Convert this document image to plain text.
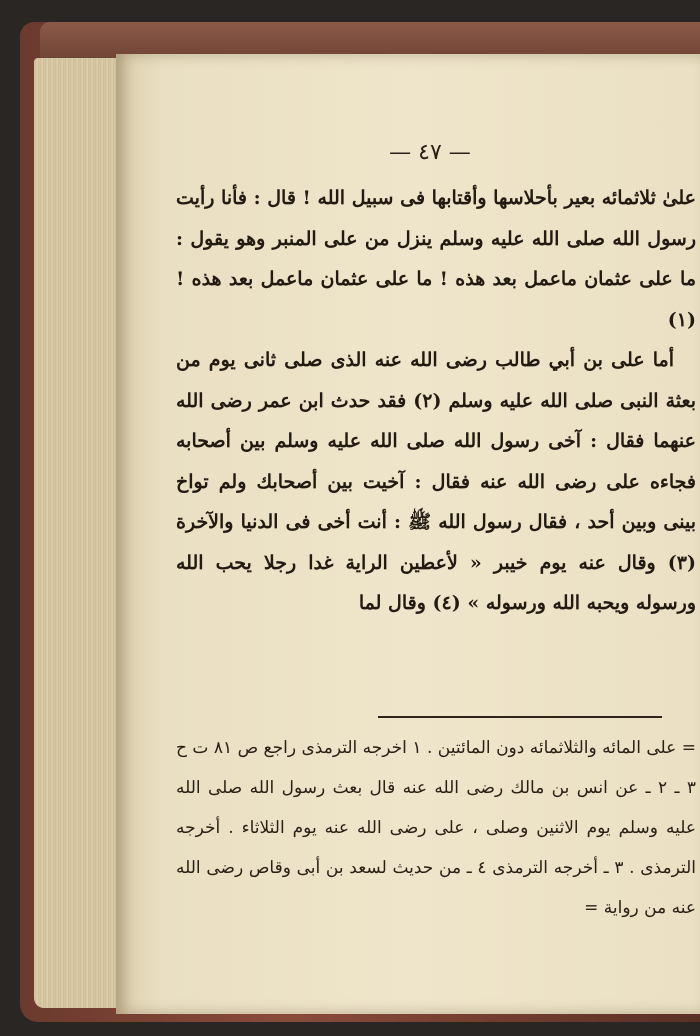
— ٤٧ —

علىٰ ثلاثمائه بعير بأحلاسها وأقتابها فى سبيل الله ! قال : فأنا رأيت رسول الله صلى الله عليه وسلم ينزل من على المنبر وهو يقول : ما على عثمان ماعمل بعد هذه ! ما على عثمان ماعمل بعد هذه ! (١)

أما على بن أبي طالب رضى الله عنه الذى صلى ثانى يوم من بعثة النبى صلى الله عليه وسلم (٢) فقد حدث ابن عمر رضى الله عنهما فقال : آخى رسول الله صلى الله عليه وسلم بين أصحابه فجاءه على رضى الله عنه فقال : آخيت بين أصحابك ولم تواخ بينى وبين أحد ، فقال رسول الله ﷺ : أنت أخى فى الدنيا والآخرة (٣) وقال عنه يوم خيبر « لأعطين الراية غدا رجلا يحب الله ورسوله ويحبه الله ورسوله » (٤) وقال لما

= على المائه والثلاثمائه دون المائتين . ١ اخرجه الترمذى راجع ص ٨١ ت ح ٣ ـ ٢ ـ عن انس بن مالك رضى الله عنه قال بعث رسول الله صلى الله عليه وسلم يوم الاثنين وصلى ، على رضى الله عنه يوم الثلاثاء . أخرجه الترمذى . ٣ ـ أخرجه الترمذى ٤ ـ من حديث لسعد بن أبى وقاص رضى الله عنه من رواية =
